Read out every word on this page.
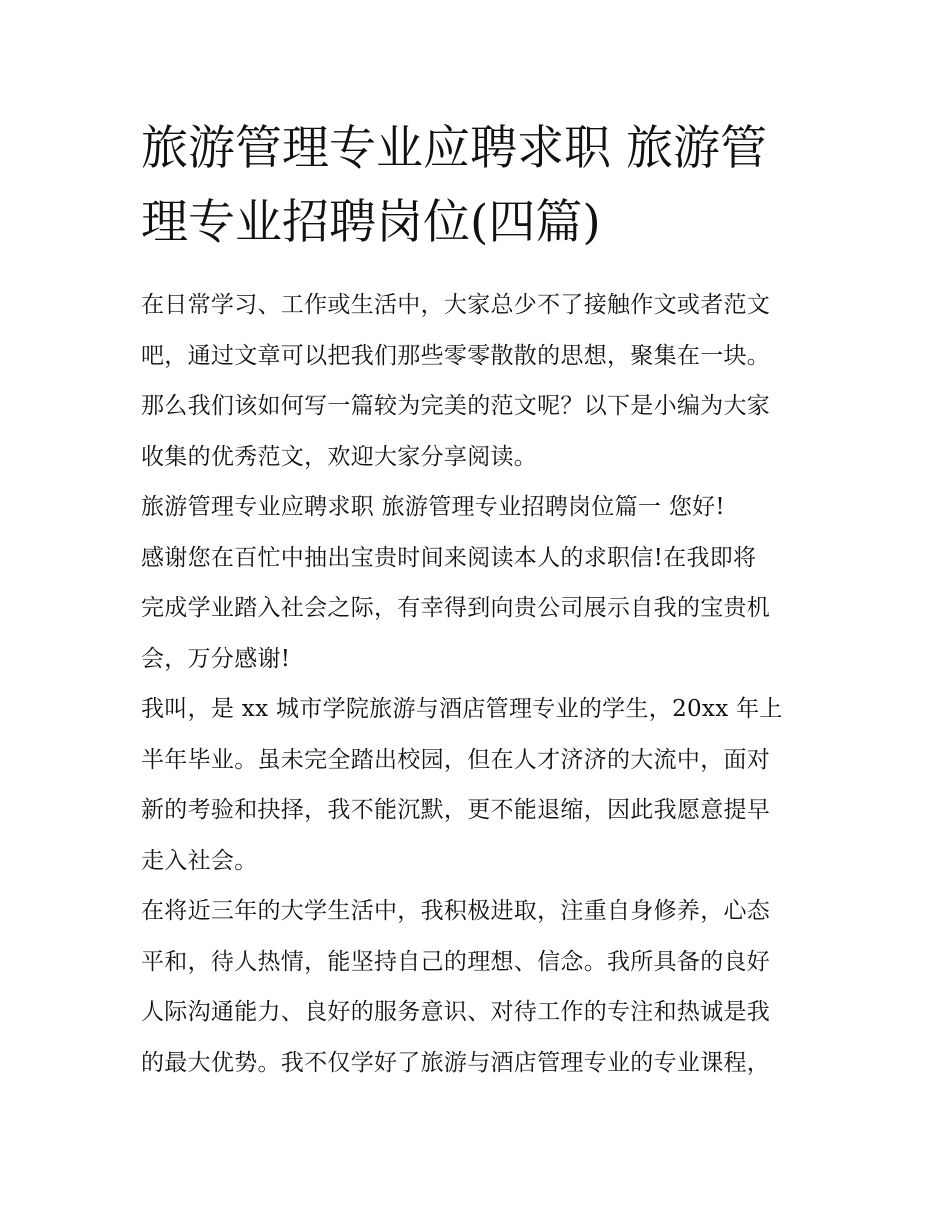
旅游管理专业应聘求职 旅游管
理专业招聘岗位(四篇)

在日常学习、工作或生活中，大家总少不了接触作文或者范文
吧，通过文章可以把我们那些零零散散的思想，聚集在一块。
那么我们该如何写一篇较为完美的范文呢？以下是小编为大家
收集的优秀范文，欢迎大家分享阅读。

旅游管理专业应聘求职 旅游管理专业招聘岗位篇一 您好!

感谢您在百忙中抽出宝贵时间来阅读本人的求职信!在我即将
完成学业踏入社会之际，有幸得到向贵公司展示自我的宝贵机
会，万分感谢!

我叫，是 xx 城市学院旅游与酒店管理专业的学生，20xx 年上
半年毕业。虽未完全踏出校园，但在人才济济的大流中，面对
新的考验和抉择，我不能沉默，更不能退缩，因此我愿意提早
走入社会。

在将近三年的大学生活中，我积极进取，注重自身修养，心态
平和，待人热情，能坚持自己的理想、信念。我所具备的良好
人际沟通能力、良好的服务意识、对待工作的专注和热诚是我
的最大优势。我不仅学好了旅游与酒店管理专业的专业课程，
